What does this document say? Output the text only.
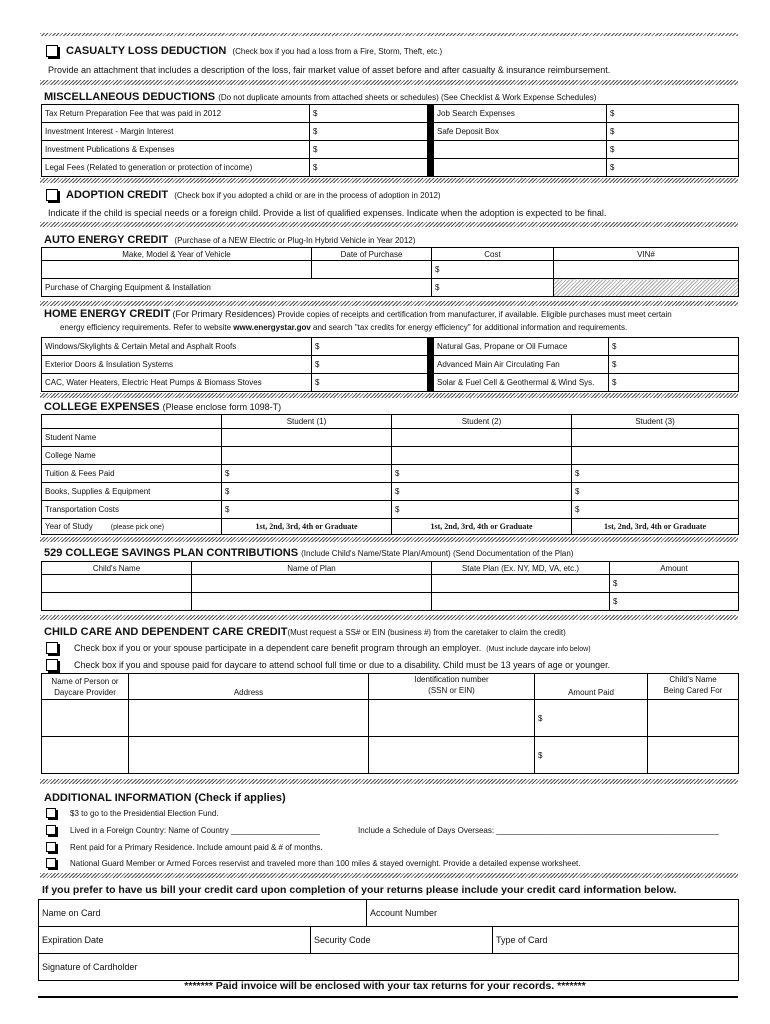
CASUALTY LOSS DEDUCTION (Check box if you had a loss from a Fire, Storm, Theft, etc.)
Provide an attachment that includes a description of the loss, fair market value of asset before and after casualty & insurance reimbursement.
MISCELLANEOUS DEDUCTIONS (Do not duplicate amounts from attached sheets or schedules) (See Checklist & Work Expense Schedules)
Tax Return Preparation Fee that was paid in 2012	$		Job Search Expenses	$
Investment Interest - Margin Interest	$		Safe Deposit Box	$
Investment Publications & Expenses	$			$
Legal Fees (Related to generation or protection of income)	$			$
ADOPTION CREDIT (Check box if you adopted a child or are in the process of adoption in 2012)
Indicate if the child is special needs or a foreign child. Provide a list of qualified expenses. Indicate when the adoption is expected to be final.
AUTO ENERGY CREDIT (Purchase of a NEW Electric or Plug-In Hybrid Vehicle in Year 2012)
Make, Model & Year of Vehicle	Date of Purchase	Cost	VIN#
		$	
Purchase of Charging Equipment & Installation		$	
HOME ENERGY CREDIT (For Primary Residences) Provide copies of receipts and certification from manufacturer, if available. Eligible purchases must meet certain
energy efficiency requirements. Refer to website www.energystar.gov and search "tax credits for energy efficiency" for additional information and requirements.
Windows/Skylights & Certain Metal and Asphalt Roofs	$		Natural Gas, Propane or Oil Furnace	$
Exterior Doors & Insulation Systems	$		Advanced Main Air Circulating Fan	$
CAC, Water Heaters, Electric Heat Pumps & Biomass Stoves	$		Solar & Fuel Cell & Geothermal & Wind Sys.	$
COLLEGE EXPENSES (Please enclose form 1098-T)
	Student (1)	Student (2)	Student (3)
Student Name			
College Name			
Tuition & Fees Paid	$	$	$
Books, Supplies & Equipment	$	$	$
Transportation Costs	$	$	$
Year of Study (please pick one)	1st, 2nd, 3rd, 4th or Graduate	1st, 2nd, 3rd, 4th or Graduate	1st, 2nd, 3rd, 4th or Graduate
529 COLLEGE SAVINGS PLAN CONTRIBUTIONS (Include Child's Name/State Plan/Amount) (Send Documentation of the Plan)
Child's Name	Name of Plan	State Plan (Ex. NY, MD, VA, etc.)	Amount
			$
			$
CHILD CARE AND DEPENDENT CARE CREDIT(Must request a SS# or EIN (business #) from the caretaker to claim the credit)
Check box if you or your spouse participate in a dependent care benefit program through an employer. (Must include daycare info below)
Check box if you and spouse paid for daycare to attend school full time or due to a disability. Child must be 13 years of age or younger.
Name of Person or
Daycare Provider	Address	Identification number
(SSN or EIN)	Amount Paid	Child's Name
Being Cared For
			$	
			$	
ADDITIONAL INFORMATION (Check if applies)
$3 to go to the Presidential Election Fund.
Lived in a Foreign Country: Name of Country ____________________	Include a Schedule of Days Overseas: __________________________________________________
Rent paid for a Primary Residence. Include amount paid & # of months.
National Guard Member or Armed Forces reservist and traveled more than 100 miles & stayed overnight. Provide a detailed expense worksheet.
If you prefer to have us bill your credit card upon completion of your returns please include your credit card information below.
Name on Card		Account Number	
Expiration Date	Security Code		Type of Card
Signature of Cardholder			
******* Paid invoice will be enclosed with your tax returns for your records. *******
